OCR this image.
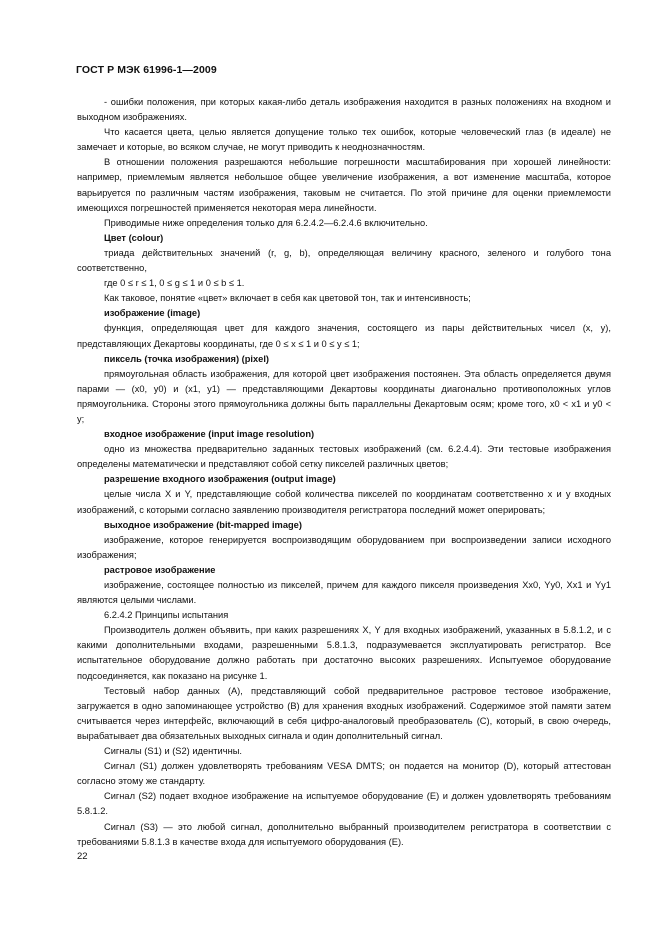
ГОСТ Р МЭК 61996-1—2009

- ошибки положения, при которых какая-либо деталь изображения находится в разных положениях на входном и выходном изображениях.

Что касается цвета, целью является допущение только тех ошибок, которые человеческий глаз (в идеале) не замечает и которые, во всяком случае, не могут приводить к неоднозначностям.

В отношении положения разрешаются небольшие погрешности масштабирования при хорошей линейности: например, приемлемым является небольшое общее увеличение изображения, а вот изменение масштаба, которое варьируется по различным частям изображения, таковым не считается. По этой причине для оценки приемлемости имеющихся погрешностей применяется некоторая мера линейности.

Приводимые ниже определения только для 6.2.4.2—6.2.4.6 включительно.

Цвет (colour)

триада действительных значений (r, g, b), определяющая величину красного, зеленого и голубого тона соответственно,

где 0 ≤ r ≤ 1, 0 ≤ g ≤ 1 и 0 ≤ b ≤ 1.

Как таковое, понятие «цвет» включает в себя как цветовой тон, так и интенсивность;

изображение (image)

функция, определяющая цвет для каждого значения, состоящего из пары действительных чисел (x, y), представляющих Декартовы координаты, где 0 ≤ x ≤ 1 и 0 ≤ y ≤ 1;

пиксель (точка изображения) (pixel)

прямоугольная область изображения, для которой цвет изображения постоянен. Эта область определяется двумя парами — (x0, y0) и (x1, y1) — представляющими Декартовы координаты диагонально противоположных углов прямоугольника. Стороны этого прямоугольника должны быть параллельны Декартовым осям; кроме того, x0 < x1 и y0 < y;

входное изображение (input image resolution)

одно из множества предварительно заданных тестовых изображений (см. 6.2.4.4). Эти тестовые изображения определены математически и представляют собой сетку пикселей различных цветов;

разрешение входного изображения (output image)

целые числа X и Y, представляющие собой количества пикселей по координатам соответственно x и y входных изображений, с которыми согласно заявлению производителя регистратора последний может оперировать;

выходное изображение (bit-mapped image)

изображение, которое генерируется воспроизводящим оборудованием при воспроизведении записи исходного изображения;

растровое изображение

изображение, состоящее полностью из пикселей, причем для каждого пикселя произведения Xx0, Yy0, Xx1 и Yy1 являются целыми числами.

6.2.4.2 Принципы испытания

Производитель должен объявить, при каких разрешениях X, Y для входных изображений, указанных в 5.8.1.2, и с какими дополнительными входами, разрешенными 5.8.1.3, подразумевается эксплуатировать регистратор. Все испытательное оборудование должно работать при достаточно высоких разрешениях. Испытуемое оборудование подсоединяется, как показано на рисунке 1.

Тестовый набор данных (А), представляющий собой предварительное растровое тестовое изображение, загружается в одно запоминающее устройство (В) для хранения входных изображений. Содержимое этой памяти затем считывается через интерфейс, включающий в себя цифро-аналоговый преобразователь (С), который, в свою очередь, вырабатывает два обязательных выходных сигнала и один дополнительный сигнал.

Сигналы (S1) и (S2) идентичны.

Сигнал (S1) должен удовлетворять требованиям VESA DMTS; он подается на монитор (D), который аттестован согласно этому же стандарту.

Сигнал (S2) подает входное изображение на испытуемое оборудование (Е) и должен удовлетворять требованиям 5.8.1.2.

Сигнал (S3) — это любой сигнал, дополнительно выбранный производителем регистратора в соответствии с требованиями 5.8.1.3 в качестве входа для испытуемого оборудования (Е).

22
